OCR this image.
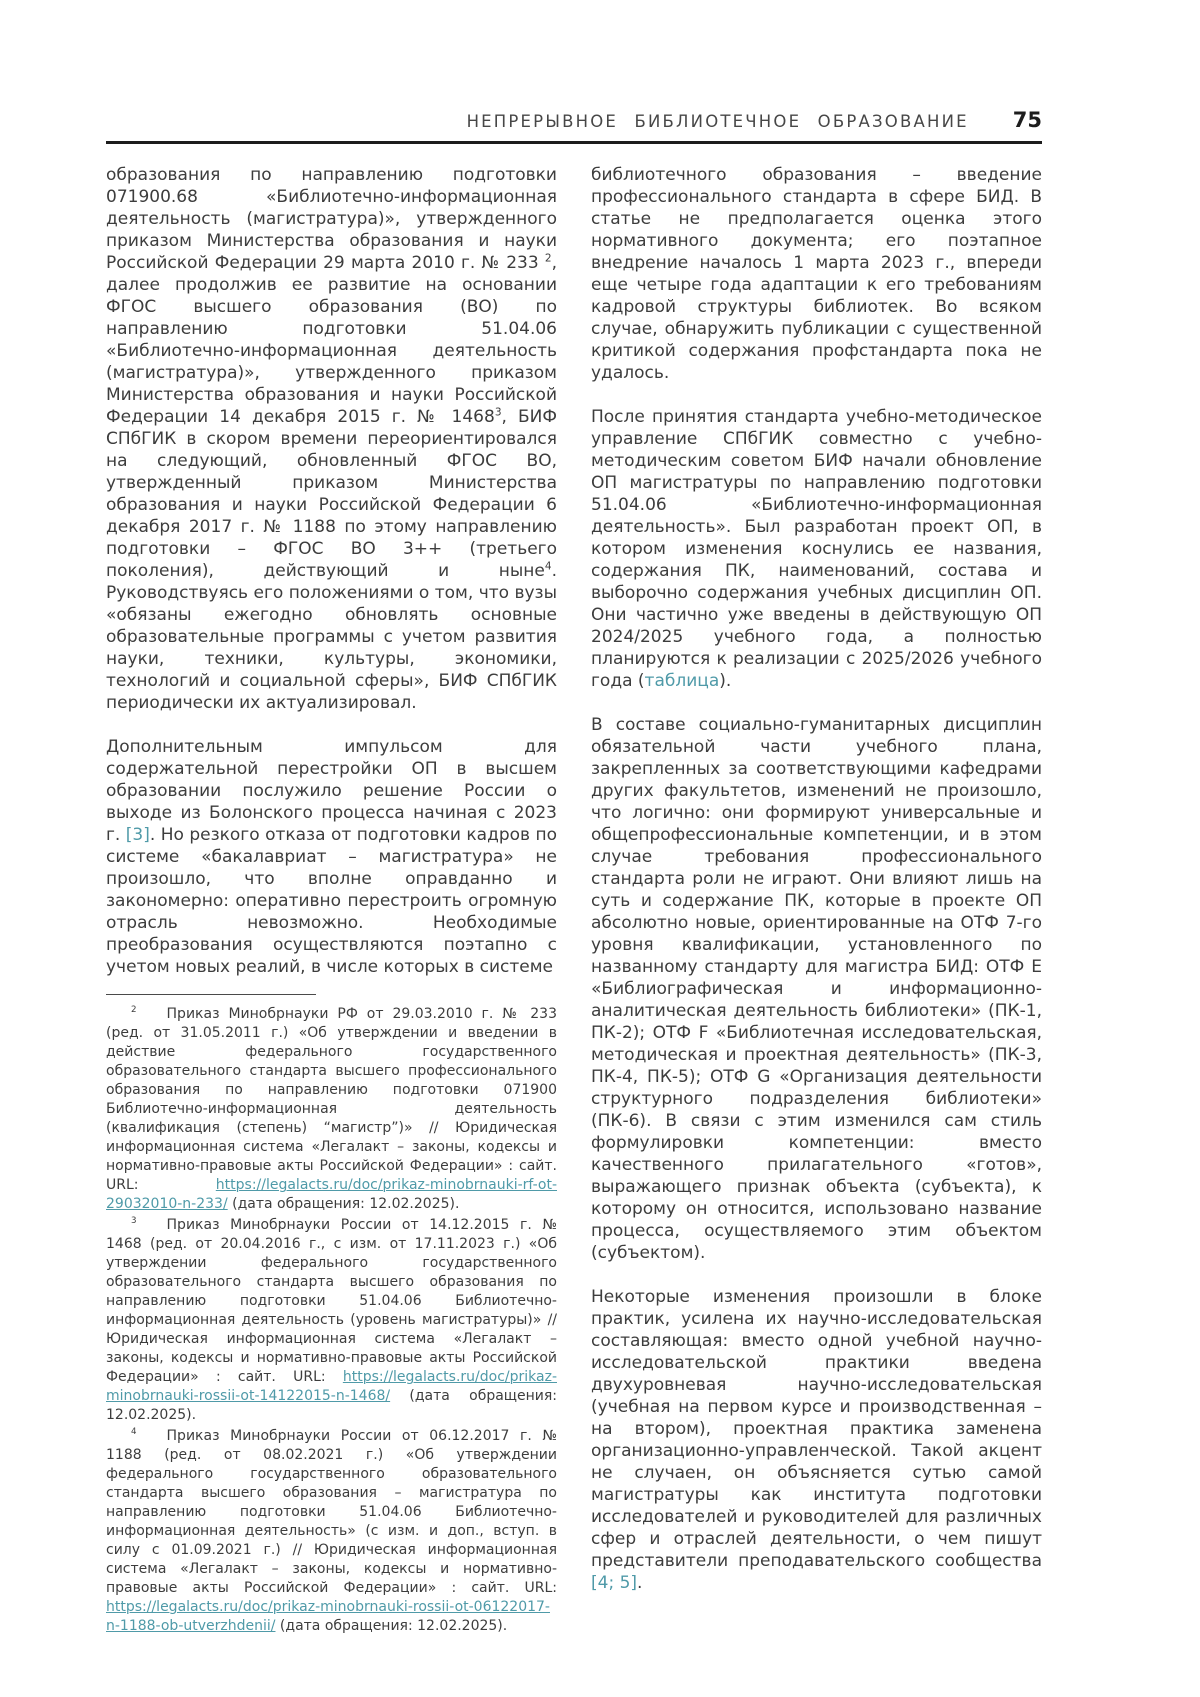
НЕПРЕРЫВНОЕ БИБЛИОТЕЧНОЕ ОБРАЗОВАНИЕ 75

образования по направлению подготовки 071900.68 «Библиотечно-информационная деятельность (магистратура)», утвержденного приказом Министерства образования и науки Российской Федерации 29 марта 2010 г. № 233 $^2$, далее продолжив ее развитие на основании ФГОС высшего образования (ВО) по направлению подготовки 51.04.06 «Библиотечно-информационная деятельность (магистратура)», утвержденного приказом Министерства образования и науки Российской Федерации 14 декабря 2015 г. № 1468$^3$, БИФ СПбГИК в скором времени переориентировался на следующий, обновленный ФГОС ВО, утвержденный приказом Министерства образования и науки Российской Федерации 6 декабря 2017 г. № 1188 по этому направлению подготовки – ФГОС ВО 3++ (третьего поколения), действующий и ныне$^4$. Руководствуясь его положениями о том, что вузы «обязаны ежегодно обновлять основные образовательные программы с учетом развития науки, техники, культуры, экономики, технологий и социальной сферы», БИФ СПбГИК периодически их актуализировал.

Дополнительным импульсом для содержательной перестройки ОП в высшем образовании послужило решение России о выходе из Болонского процесса начиная с 2023 г. [3]. Но резкого отказа от подготовки кадров по системе «бакалавриат – магистратура» не произошло, что вполне оправданно и закономерно: оперативно перестроить огромную отрасль невозможно. Необходимые преобразования осуществляются поэтапно с учетом новых реалий, в числе которых в системе

$^2$ Приказ Минобрнауки РФ от 29.03.2010 г. № 233 (ред. от 31.05.2011 г.) «Об утверждении и введении в действие федерального государственного образовательного стандарта высшего профессионального образования по направлению подготовки 071900 Библиотечно-информационная деятельность (квалификация (степень) “магистр”)» // Юридическая информационная система «Легалакт – законы, кодексы и нормативно-правовые акты Российской Федерации» : сайт. URL: https://legalacts.ru/doc/prikaz-minobrnauki-rf-ot-29032010-n-233/ (дата обращения: 12.02.2025).

$^3$ Приказ Минобрнауки России от 14.12.2015 г. № 1468 (ред. от 20.04.2016 г., с изм. от 17.11.2023 г.) «Об утверждении федерального государственного образовательного стандарта высшего образования по направлению подготовки 51.04.06 Библиотечно-информационная деятельность (уровень магистратуры)» // Юридическая информационная система «Легалакт – законы, кодексы и нормативно-правовые акты Российской Федерации» : сайт. URL: https://legalacts.ru/doc/prikaz-minobrnauki-rossii-ot-14122015-n-1468/ (дата обращения: 12.02.2025).

$^4$ Приказ Минобрнауки России от 06.12.2017 г. № 1188 (ред. от 08.02.2021 г.) «Об утверждении федерального государственного образовательного стандарта высшего образования – магистратура по направлению подготовки 51.04.06 Библиотечно-информационная деятельность» (с изм. и доп., вступ. в силу с 01.09.2021 г.) // Юридическая информационная система «Легалакт – законы, кодексы и нормативно-правовые акты Российской Федерации» : сайт. URL: https://legalacts.ru/doc/prikaz-minobrnauki-rossii-ot-06122017-n-1188-ob-utverzhdenii/ (дата обращения: 12.02.2025).

библиотечного образования – введение профессионального стандарта в сфере БИД. В статье не предполагается оценка этого нормативного документа; его поэтапное внедрение началось 1 марта 2023 г., впереди еще четыре года адаптации к его требованиям кадровой структуры библиотек. Во всяком случае, обнаружить публикации с существенной критикой содержания профстандарта пока не удалось.

После принятия стандарта учебно-методическое управление СПбГИК совместно с учебно-методическим советом БИФ начали обновление ОП магистратуры по направлению подготовки 51.04.06 «Библиотечно-информационная деятельность». Был разработан проект ОП, в котором изменения коснулись ее названия, содержания ПК, наименований, состава и выборочно содержания учебных дисциплин ОП. Они частично уже введены в действующую ОП 2024/2025 учебного года, а полностью планируются к реализации с 2025/2026 учебного года (таблица).

В составе социально-гуманитарных дисциплин обязательной части учебного плана, закрепленных за соответствующими кафедрами других факультетов, изменений не произошло, что логично: они формируют универсальные и общепрофессиональные компетенции, и в этом случае требования профессионального стандарта роли не играют. Они влияют лишь на суть и содержание ПК, которые в проекте ОП абсолютно новые, ориентированные на ОТФ 7-го уровня квалификации, установленного по названному стандарту для магистра БИД: ОТФ E «Библиографическая и информационно-аналитическая деятельность библиотеки» (ПК-1, ПК-2); ОТФ F «Библиотечная исследовательская, методическая и проектная деятельность» (ПК-3, ПК-4, ПК-5); ОТФ G «Организация деятельности структурного подразделения библиотеки» (ПК-6). В связи с этим изменился сам стиль формулировки компетенции: вместо качественного прилагательного «готов», выражающего признак объекта (субъекта), к которому он относится, использовано название процесса, осуществляемого этим объектом (субъектом).

Некоторые изменения произошли в блоке практик, усилена их научно-исследовательская составляющая: вместо одной учебной научно-исследовательской практики введена двухуровневая научно-исследовательская (учебная на первом курсе и производственная – на втором), проектная практика заменена организационно-управленческой. Такой акцент не случаен, он объясняется сутью самой магистратуры как института подготовки исследователей и руководителей для различных сфер и отраслей деятельности, о чем пишут представители преподавательского сообщества [4; 5].
